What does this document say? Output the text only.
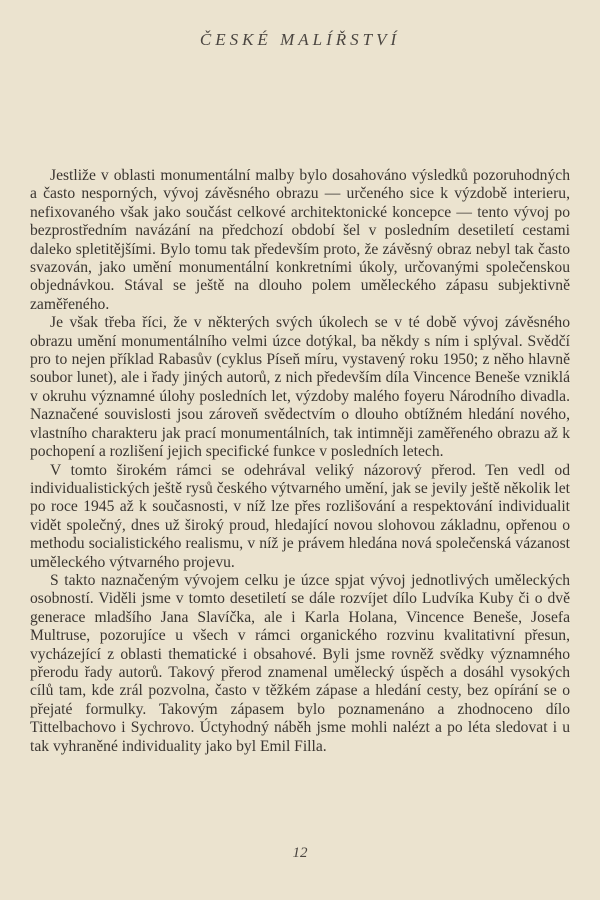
ČESKÉ MALÍŘSTVÍ

Jestliže v oblasti monumentální malby bylo dosahováno výsledků pozoruhodných a často nesporných, vývoj závěsného obrazu — určeného sice k výzdobě interieru, nefixovaného však jako součást celkové architektonické koncepce — tento vývoj po bezprostředním navázání na předchozí období šel v posledním desetiletí cestami daleko spletitějšími. Bylo tomu tak především proto, že závěsný obraz nebyl tak často svazován, jako umění monumentální konkretními úkoly, určovanými společenskou objednávkou. Stával se ještě na dlouho polem uměleckého zápasu subjektivně zaměřeného.

Je však třeba říci, že v některých svých úkolech se v té době vývoj závěsného obrazu umění monumentálního velmi úzce dotýkal, ba někdy s ním i splýval. Svědčí pro to nejen příklad Rabasův (cyklus Píseň míru, vystavený roku 1950; z něho hlavně soubor lunet), ale i řady jiných autorů, z nich především díla Vincence Beneše vzniklá v okruhu významné úlohy posledních let, výzdoby malého foyeru Národního divadla. Naznačené souvislosti jsou zároveň svědectvím o dlouho obtížném hledání nového, vlastního charakteru jak prací monumentálních, tak intimněji zaměřeného obrazu až k pochopení a rozlišení jejich specifické funkce v posledních letech.

V tomto širokém rámci se odehrával veliký názorový přerod. Ten vedl od individualistických ještě rysů českého výtvarného umění, jak se jevily ještě několik let po roce 1945 až k současnosti, v níž lze přes rozlišování a respektování individualit vidět společný, dnes už široký proud, hledající novou slohovou základnu, opřenou o methodu socialistického realismu, v níž je právem hledána nová společenská vázanost uměleckého výtvarného projevu.

S takto naznačeným vývojem celku je úzce spjat vývoj jednotlivých uměleckých osobností. Viděli jsme v tomto desetiletí se dále rozvíjet dílo Ludvíka Kuby či o dvě generace mladšího Jana Slavíčka, ale i Karla Holana, Vincence Beneše, Josefa Multruse, pozorujíce u všech v rámci organického rozvinu kvalitativní přesun, vycházející z oblasti thematické i obsahové. Byli jsme rovněž svědky významného přerodu řady autorů. Takový přerod znamenal umělecký úspěch a dosáhl vysokých cílů tam, kde zrál pozvolna, často v těžkém zápase a hledání cesty, bez opírání se o přejaté formulky. Takovým zápasem bylo poznamenáno a zhodnoceno dílo Tittelbachovo i Sychrovo. Úctyhodný náběh jsme mohli nalézt a po léta sledovat i u tak vyhraněné individuality jako byl Emil Filla.

12
